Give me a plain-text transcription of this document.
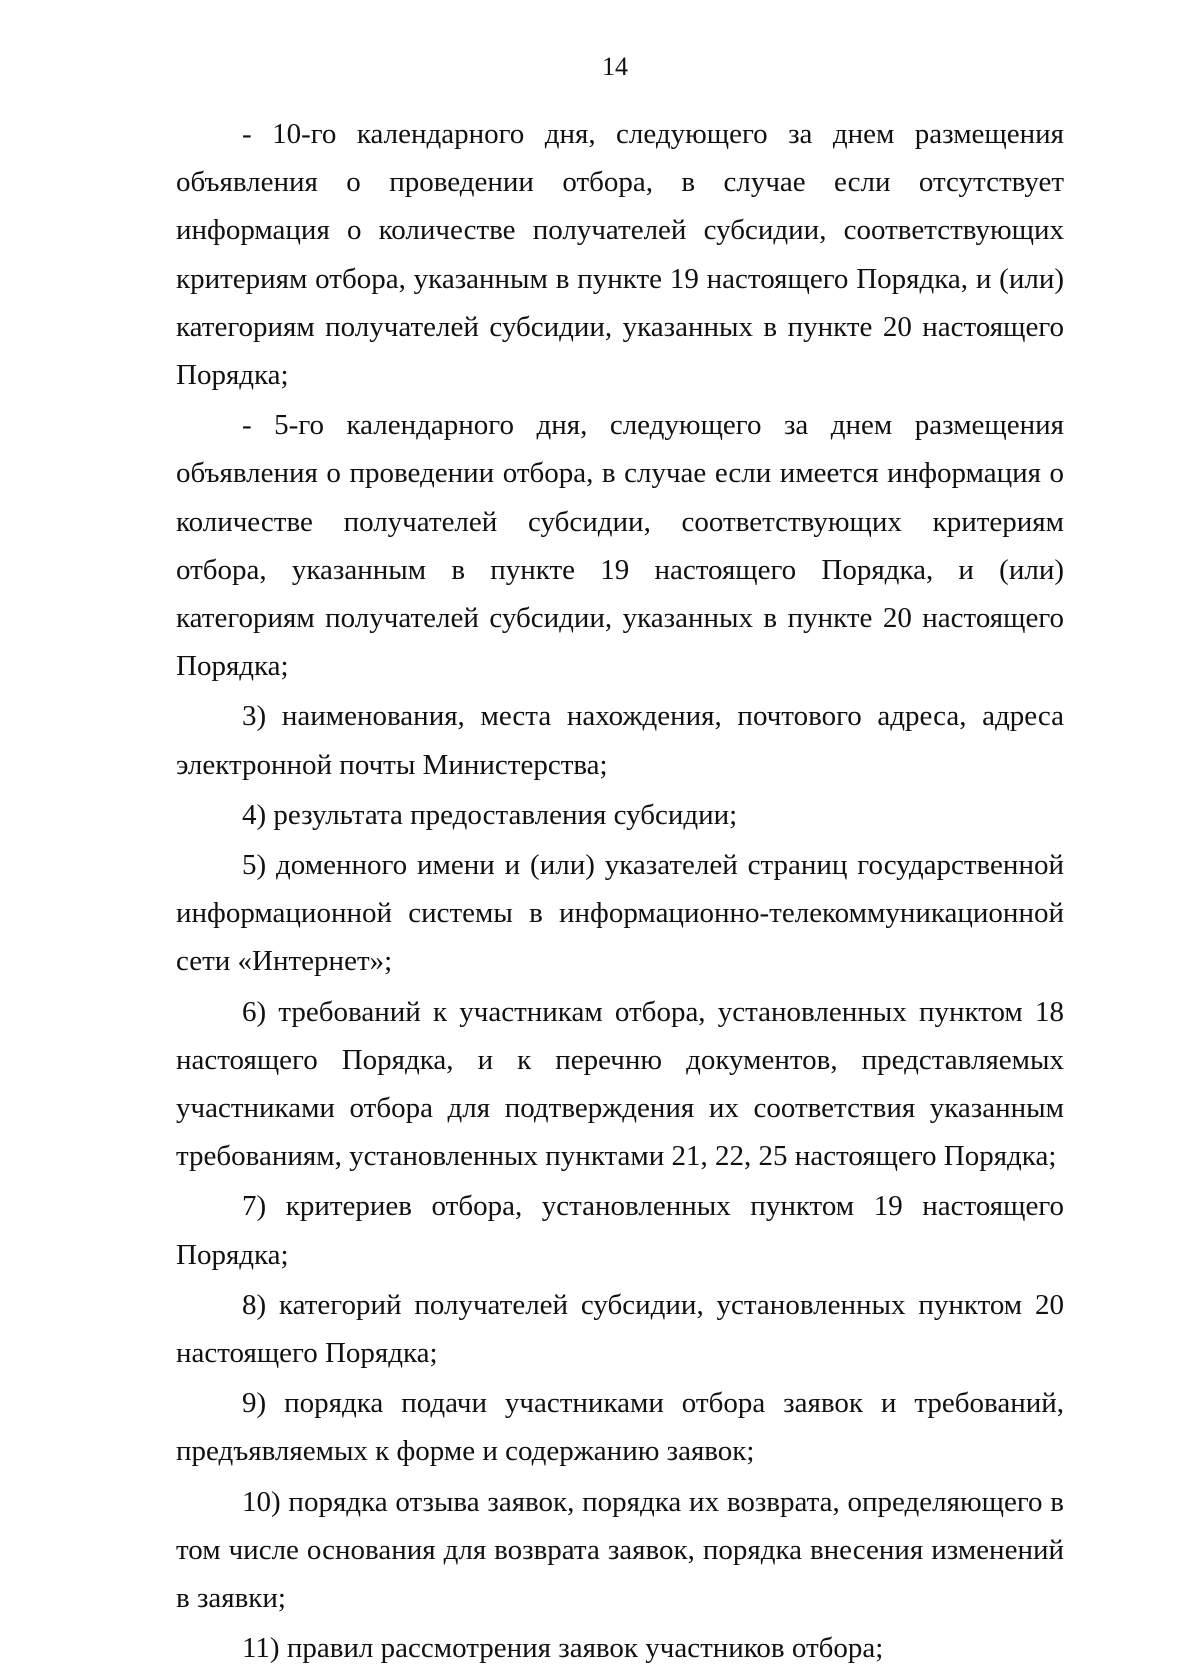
14

- 10-го календарного дня, следующего за днем размещения объявления о проведении отбора, в случае если отсутствует информация о количестве получателей субсидии, соответствующих критериям отбора, указанным в пункте 19 настоящего Порядка, и (или) категориям получателей субсидии, указанных в пункте 20 настоящего Порядка;

- 5-го календарного дня, следующего за днем размещения объявления о проведении отбора, в случае если имеется информация о количестве получателей субсидии, соответствующих критериям отбора, указанным в пункте 19 настоящего Порядка, и (или) категориям получателей субсидии, указанных в пункте 20 настоящего Порядка;

3) наименования, места нахождения, почтового адреса, адреса электронной почты Министерства;

4) результата предоставления субсидии;

5) доменного имени и (или) указателей страниц государственной информационной системы в информационно-телекоммуникационной сети «Интернет»;

6) требований к участникам отбора, установленных пунктом 18 настоящего Порядка, и к перечню документов, представляемых участниками отбора для подтверждения их соответствия указанным требованиям, установленных пунктами 21, 22, 25 настоящего Порядка;

7) критериев отбора, установленных пунктом 19 настоящего Порядка;

8) категорий получателей субсидии, установленных пунктом 20 настоящего Порядка;

9) порядка подачи участниками отбора заявок и требований, предъявляемых к форме и содержанию заявок;

10) порядка отзыва заявок, порядка их возврата, определяющего в том числе основания для возврата заявок, порядка внесения изменений в заявки;

11) правил рассмотрения заявок участников отбора;
